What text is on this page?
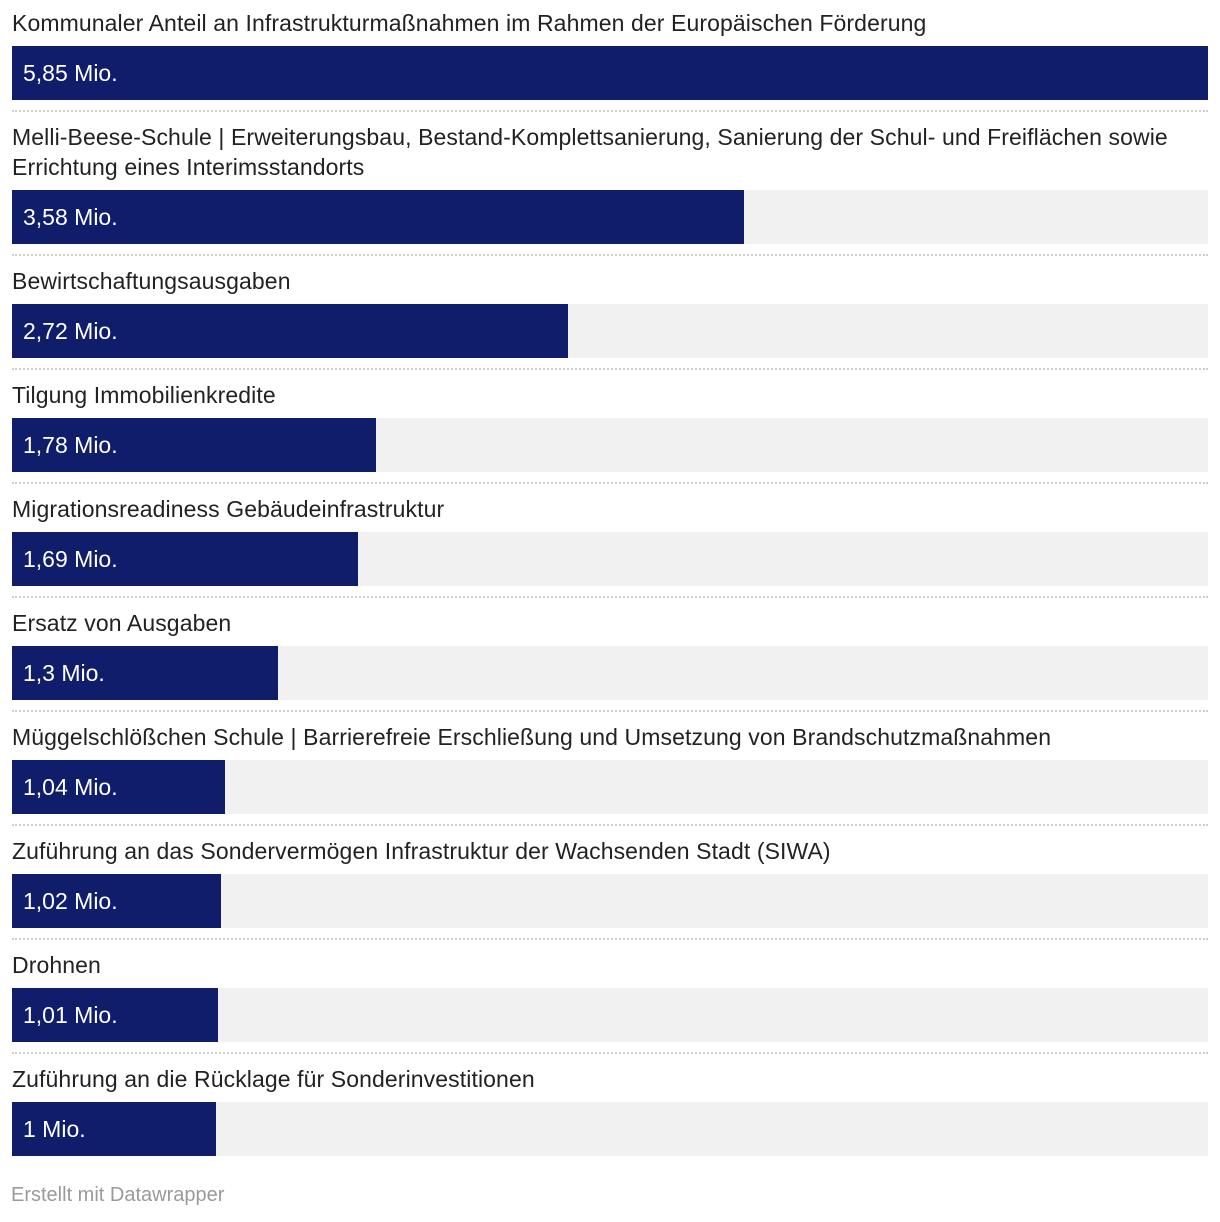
Kommunaler Anteil an Infrastrukturmaßnahmen im Rahmen der Europäischen Förderung
5,85 Mio.
Melli-Beese-Schule | Erweiterungsbau, Bestand-Komplettsanierung, Sanierung der Schul- und Freiflächen sowie Errichtung eines Interimsstandorts
3,58 Mio.
Bewirtschaftungsausgaben
2,72 Mio.
Tilgung Immobilienkredite
1,78 Mio.
Migrationsreadiness Gebäudeinfrastruktur
1,69 Mio.
Ersatz von Ausgaben
1,3 Mio.
Müggelschlößchen Schule | Barrierefreie Erschließung und Umsetzung von Brandschutzmaßnahmen
1,04 Mio.
Zuführung an das Sondervermögen Infrastruktur der Wachsenden Stadt (SIWA)
1,02 Mio.
Drohnen
1,01 Mio.
Zuführung an die Rücklage für Sonderinvestitionen
1 Mio.
Erstellt mit Datawrapper
